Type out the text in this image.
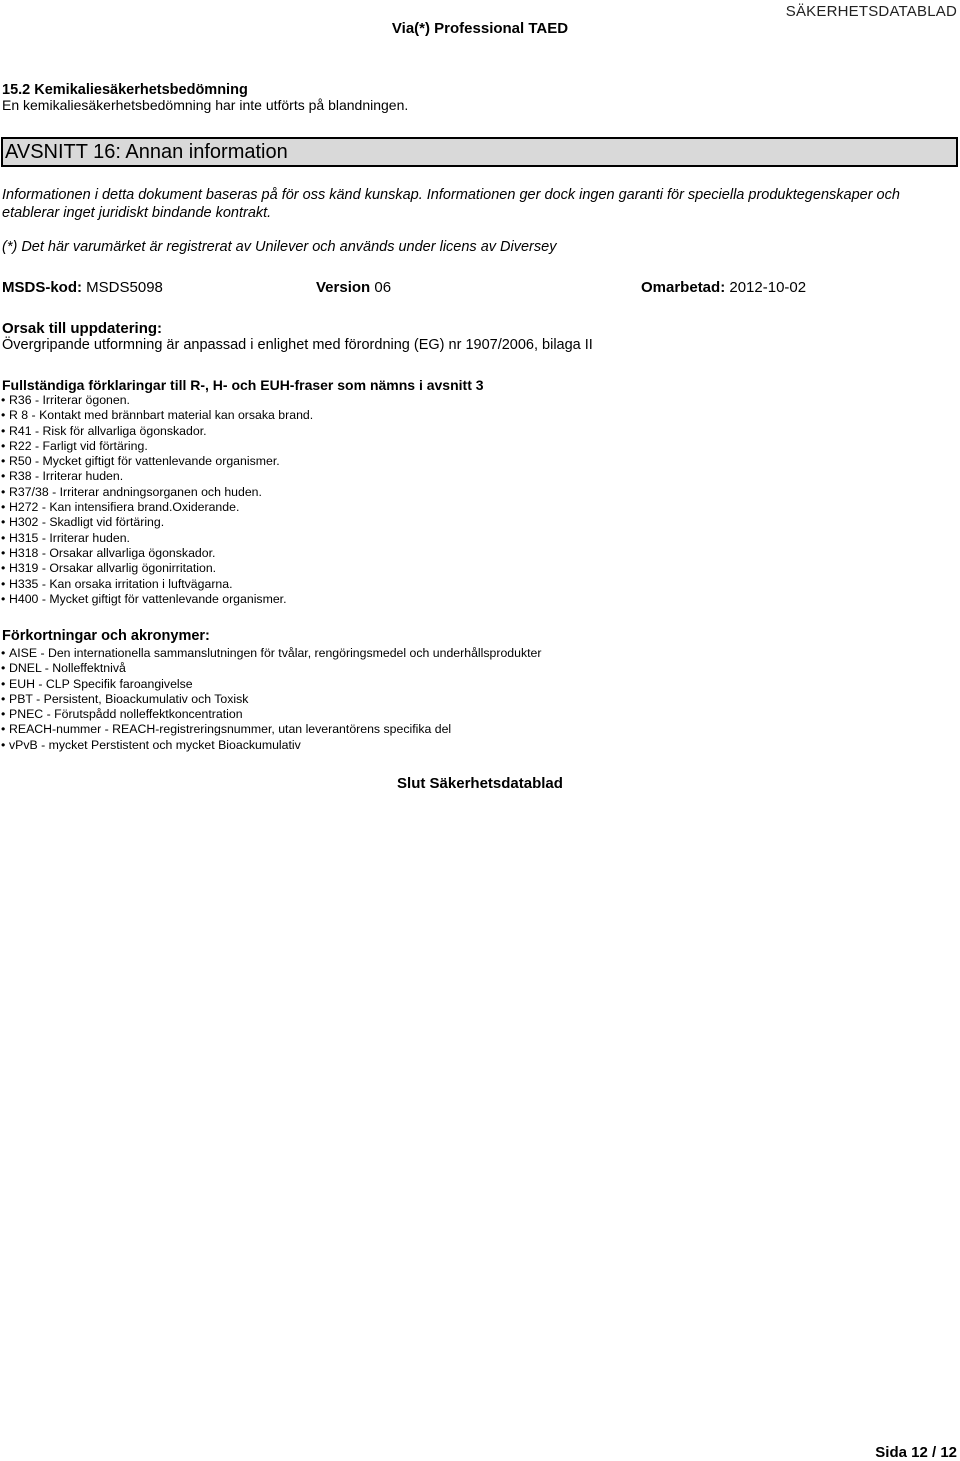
Via(*) Professional TAED
SÄKERHETSDATABLAD
15.2 Kemikaliesäkerhetsbedömning
En kemikaliesäkerhetsbedömning har inte utförts på blandningen.
AVSNITT 16: Annan information
Informationen i detta dokument baseras på för oss känd kunskap. Informationen ger dock ingen garanti för speciella produktegenskaper och etablerar inget juridiskt bindande kontrakt.
(*) Det här varumärket är registrerat av Unilever och används under licens av Diversey
MSDS-kod: MSDS5098	Version 06	Omarbetad: 2012-10-02
Orsak till uppdatering:
Övergripande utformning är anpassad i enlighet med förordning (EG) nr 1907/2006, bilaga II
Fullständiga förklaringar till R-, H- och EUH-fraser som nämns i avsnitt 3
• R36 - Irriterar ögonen.
• R 8 - Kontakt med brännbart material kan orsaka brand.
• R41 - Risk för allvarliga ögonskador.
• R22 - Farligt vid förtäring.
• R50 - Mycket giftigt för vattenlevande organismer.
• R38 - Irriterar huden.
• R37/38 - Irriterar andningsorganen och huden.
• H272 - Kan intensifiera brand.Oxiderande.
• H302 - Skadligt vid förtäring.
• H315 - Irriterar huden.
• H318 - Orsakar allvarliga ögonskador.
• H319 - Orsakar allvarlig ögonirritation.
• H335 - Kan orsaka irritation i luftvägarna.
• H400 - Mycket giftigt för vattenlevande organismer.
Förkortningar och akronymer:
• AISE - Den internationella sammanslutningen för tvålar, rengöringsmedel och underhållsprodukter
• DNEL - Nolleffektnivå
• EUH - CLP Specifik faroangivelse
• PBT - Persistent, Bioackumulativ och Toxisk
• PNEC - Förutspådd nolleffektkoncentration
• REACH-nummer - REACH-registreringsnummer, utan leverantörens specifika del
• vPvB - mycket Perstistent och mycket Bioackumulativ
Slut Säkerhetsdatablad
Sida 12 / 12
